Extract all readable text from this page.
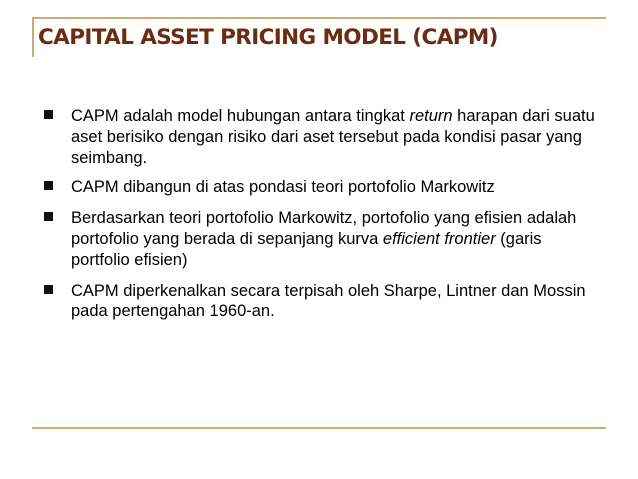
CAPITAL ASSET PRICING MODEL (CAPM)
CAPM adalah model hubungan antara tingkat return harapan dari suatu aset berisiko dengan risiko dari aset tersebut pada kondisi pasar yang seimbang.
CAPM dibangun di atas pondasi teori portofolio Markowitz
Berdasarkan teori portofolio Markowitz, portofolio yang efisien adalah portofolio yang berada di sepanjang kurva efficient frontier (garis portfolio efisien)
CAPM diperkenalkan secara terpisah oleh Sharpe, Lintner dan Mossin pada pertengahan 1960-an.
